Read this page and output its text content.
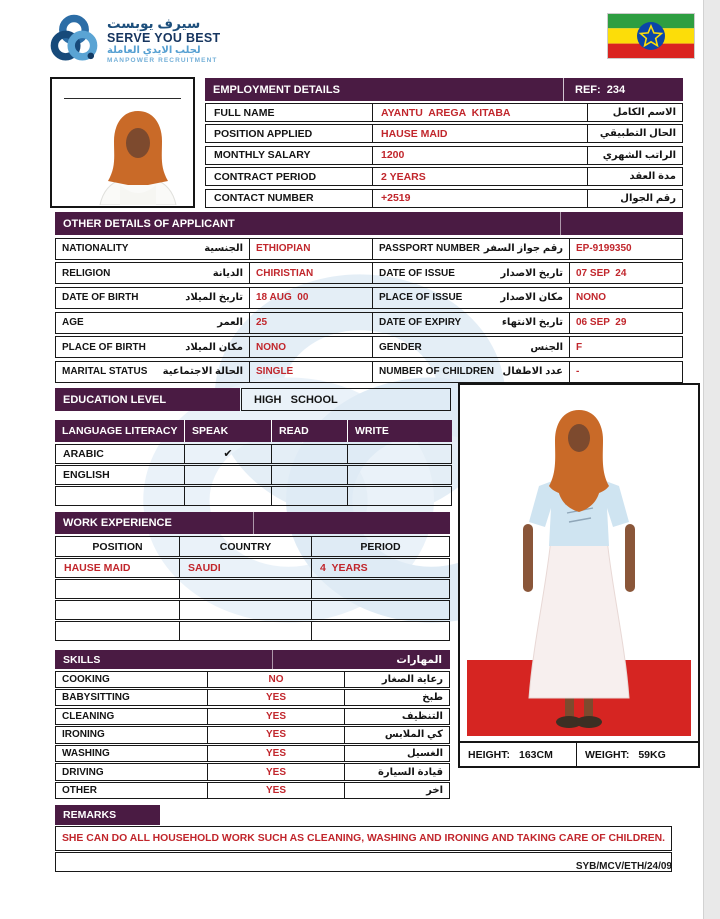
سيرف يوبست
SERVE YOU BEST
لجلب الايدي العاملة
MANPOWER RECRUITMENT
EMPLOYMENT DETAILS	REF:  234
FULL NAME	AYANTU  AREGA  KITABA	الاسم الكامل
POSITION APPLIED	HAUSE MAID	الحال التطبيقي
MONTHLY SALARY	1200	الراتب الشهري
CONTRACT PERIOD	2 YEARS	مدة العقد
CONTACT NUMBER	+2519	رقم الجوال
OTHER DETAILS OF APPLICANT
NATIONALITY	الجنسية ETHIOPIAN	PASSPORT NUMBER رقم جواز السفر EP-9199350
RELIGION	الديانة CHIRISTIAN	DATE OF ISSUE	تاريخ الاصدار 07 SEP  24
DATE OF BIRTH	تاريخ الميلاد 18 AUG  00	PLACE OF ISSUE	مكان الاصدار NONO
AGE	العمر 25	DATE OF EXPIRY	تاريخ الانتهاء 06 SEP  29
PLACE OF BIRTH	مكان الميلاد NONO	GENDER	الجنس F
MARITAL STATUS الحالة الاجتماعية SINGLE	NUMBER OF CHILDREN عدد الاطفال -
EDUCATION LEVEL	HIGH   SCHOOL
LANGUAGE LITERACY SPEAK	READ	WRITE
ARABIC	✔
ENGLISH
WORK EXPERIENCE
POSITION	COUNTRY	PERIOD
HAUSE MAID	SAUDI	4  YEARS
SKILLS	المهارات
COOKING	NO	رعاية الصغار
BABYSITTING	YES	طبخ
CLEANING	YES	التنظيف
IRONING	YES	كي الملابس
WASHING	YES	الغسيل
DRIVING	YES	قيادة السيارة
OTHER	YES	اخر
HEIGHT: 163CM	WEIGHT: 59KG
REMARKS
SHE CAN DO ALL HOUSEHOLD WORK SUCH AS CLEANING, WASHING AND IRONING AND TAKING CARE OF CHILDREN.
SYB/MCV/ETH/24/09
